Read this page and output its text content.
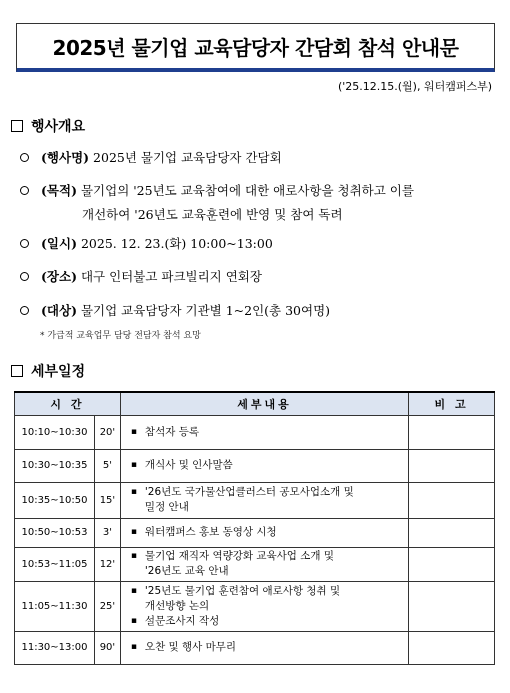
2025년 물기업 교육담당자 간담회 참석 안내문
('25.12.15.(월), 워터캠퍼스부)
행사개요
(행사명) 2025년 물기업 교육담당자 간담회
(목적) 물기업의 '25년도 교육참여에 대한 애로사항을 청취하고 이를
개선하여 '26년도 교육훈련에 반영 및 참여 독려
(일시) 2025. 12. 23.(화) 10:00~13:00
(장소) 대구 인터불고 파크빌리지 연회장
(대상) 물기업 교육담당자 기관별 1~2인(총 30여명)
* 가급적 교육업무 담당 전담자 참석 요망
세부일정
시 간		세부내용	비 고
10:10~10:30	20'	▪ 참석자 등록	

10:30~10:35	5'	▪ 개식사 및 인사말씀	

10:35~10:50	15'	▪ '26년도 국가물산업클러스터 공모사업소개 및
밀정 안내	

10:50~10:53	3'	▪ 워터캠퍼스 홍보 동영상 시청	

10:53~11:05	12'	▪ 물기업 재직자 역량강화 교육사업 소개 및
'26년도 교육 안내	

11:05~11:30	25'	▪ '25년도 물기업 훈련참여 애로사항 청취 및
개선방향 논의
▪ 설문조사지 작성	

11:30~13:00	90'	▪ 오찬 및 행사 마무리	
